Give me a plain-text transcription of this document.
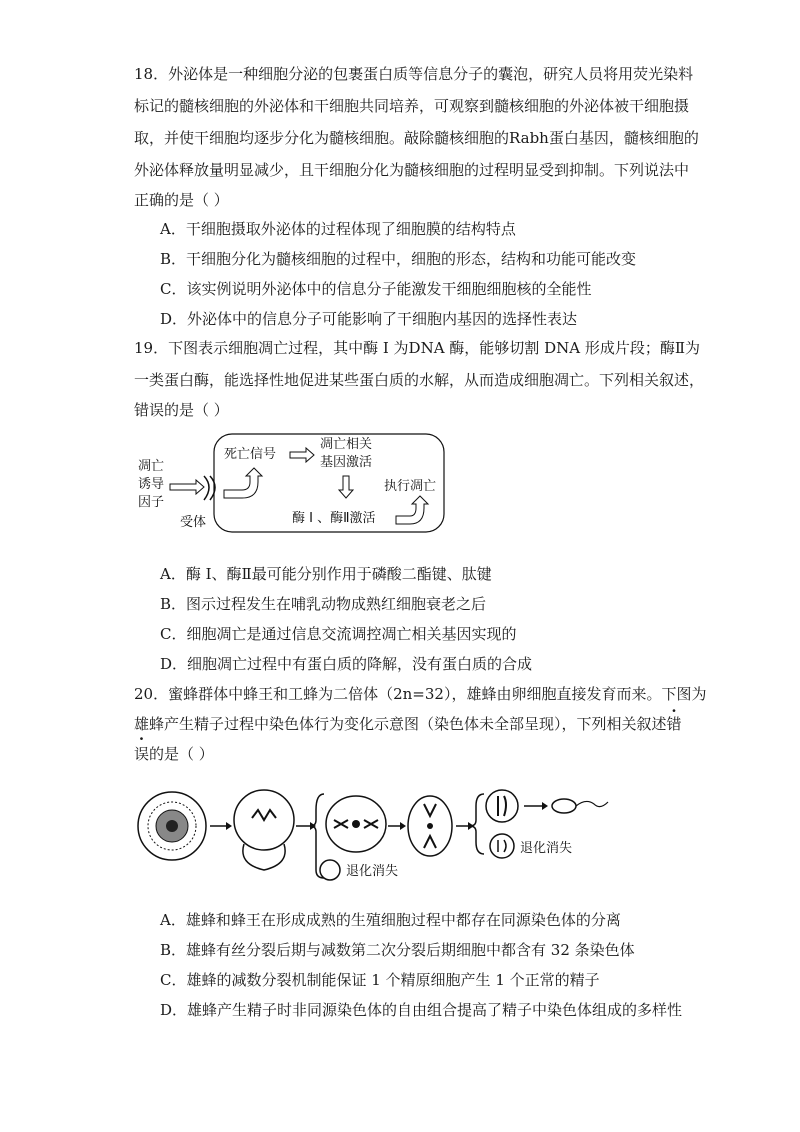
18．外泌体是一种细胞分泌的包裹蛋白质等信息分子的囊泡，研究人员将用荧光染料
标记的髓核细胞的外泌体和干细胞共同培养，可观察到髓核细胞的外泌体被干细胞摄
取，并使干细胞均逐步分化为髓核细胞。敲除髓核细胞的Rabh蛋白基因，髓核细胞的
外泌体释放量明显减少，且干细胞分化为髓核细胞的过程明显受到抑制。下列说法中
正确的是（ ）
A．干细胞摄取外泌体的过程体现了细胞膜的结构特点
B．干细胞分化为髓核细胞的过程中，细胞的形态，结构和功能可能改变
C．该实例说明外泌体中的信息分子能激发干细胞细胞核的全能性
D．外泌体中的信息分子可能影响了干细胞内基因的选择性表达
19．下图表示细胞凋亡过程，其中酶 I 为DNA 酶，能够切割 DNA 形成片段；酶Ⅱ为
一类蛋白酶，能选择性地促进某些蛋白质的水解，从而造成细胞凋亡。下列相关叙述，
错误的是（ ）
凋亡
诱导
因子
受体
死亡信号
凋亡相关
基因激活
酶 I 、酶Ⅱ激活
执行凋亡
A．酶 I、酶Ⅱ最可能分别作用于磷酸二酯键、肽键
B．图示过程发生在哺乳动物成熟红细胞衰老之后
C．细胞凋亡是通过信息交流调控凋亡相关基因实现的
D．细胞凋亡过程中有蛋白质的降解，没有蛋白质的合成
20．蜜蜂群体中蜂王和工蜂为二倍体（2n=32），雄蜂由卵细胞直接发育而来。下图为
雄蜂产生精子过程中染色体行为变化示意图（染色体未全部呈现），下列相关叙述错
误的是（ ）
退化消失
退化消失
A．雄蜂和蜂王在形成成熟的生殖细胞过程中都存在同源染色体的分离
B．雄蜂有丝分裂后期与减数第二次分裂后期细胞中都含有 32 条染色体
C．雄蜂的减数分裂机制能保证 1 个精原细胞产生 1 个正常的精子
D．雄蜂产生精子时非同源染色体的自由组合提高了精子中染色体组成的多样性
